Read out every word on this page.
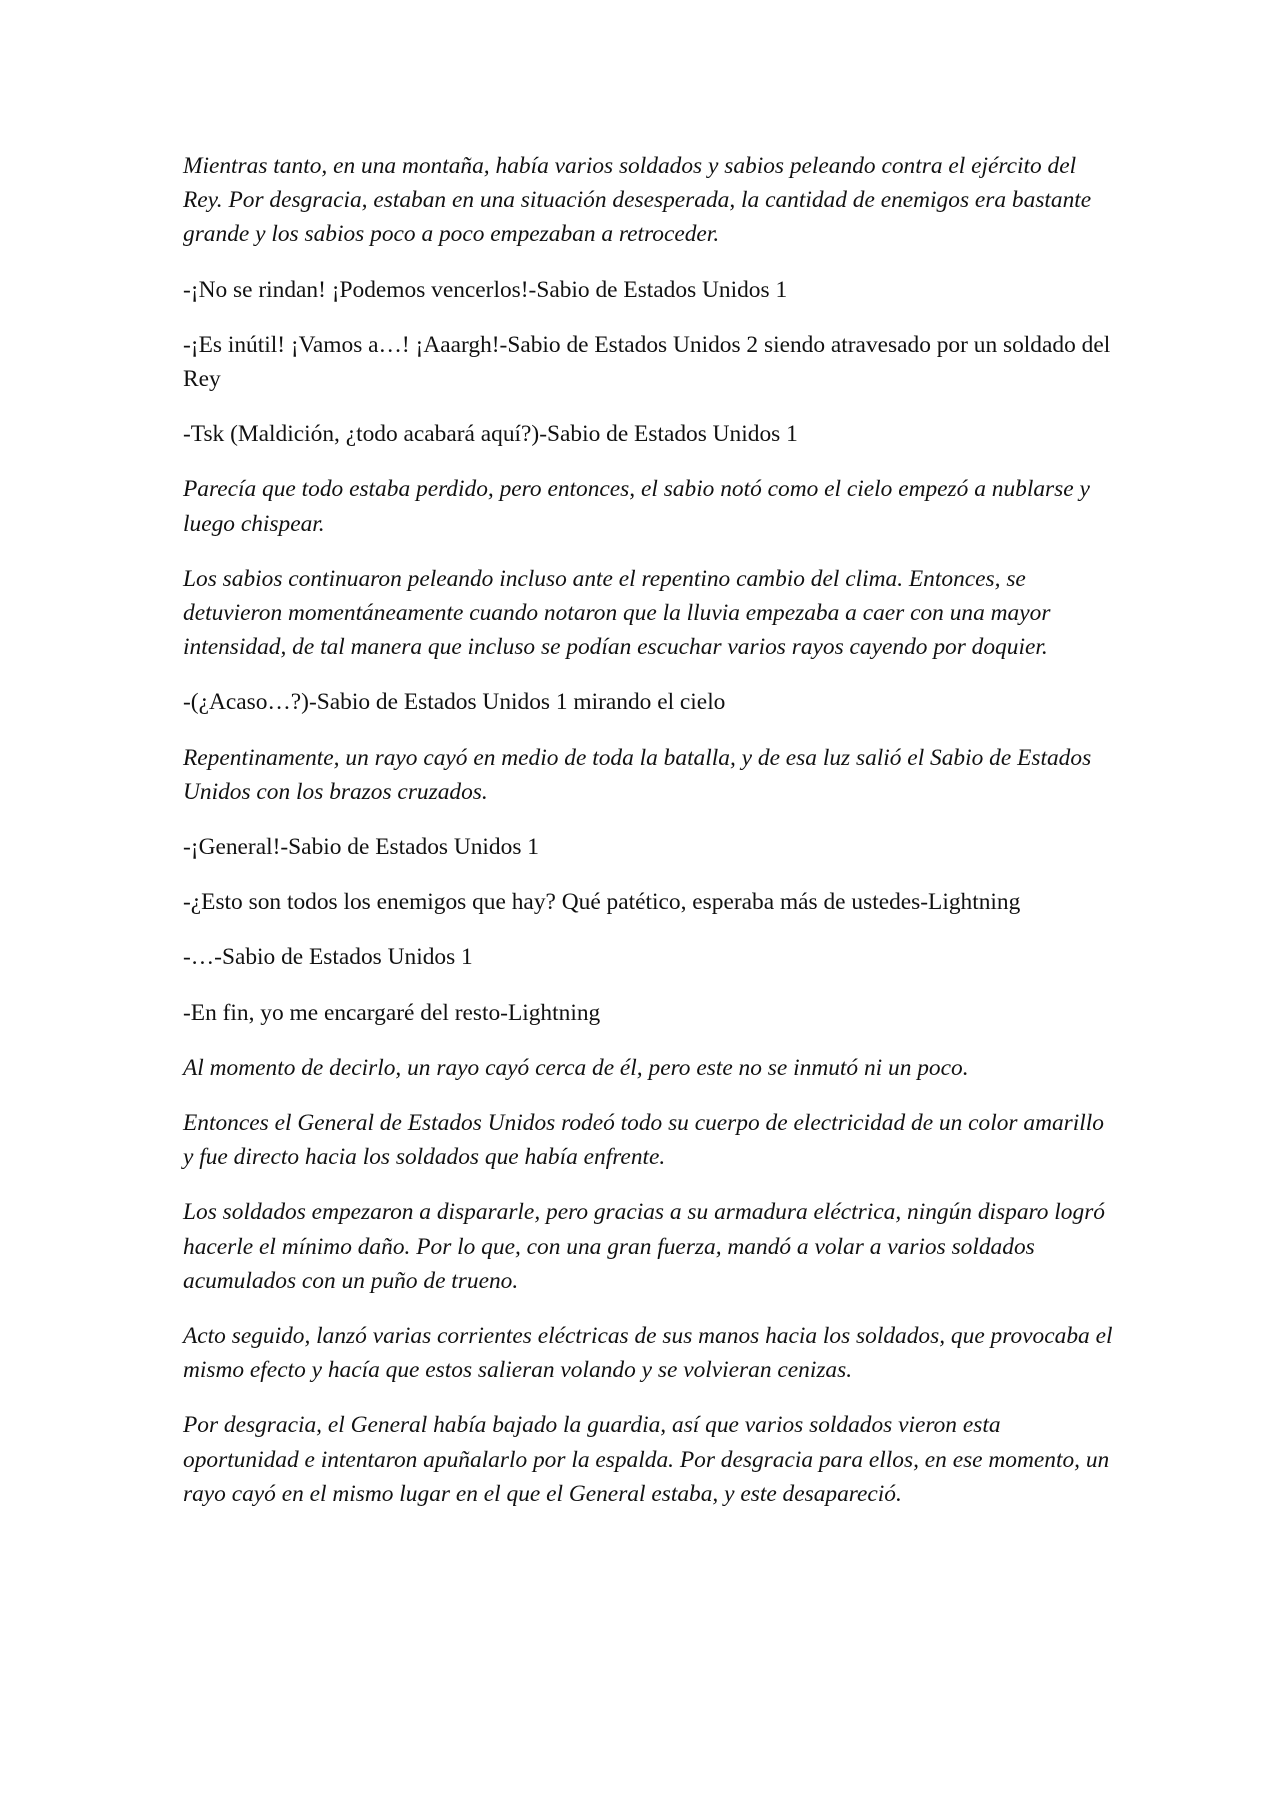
Mientras tanto, en una montaña, había varios soldados y sabios peleando contra el ejército del Rey. Por desgracia, estaban en una situación desesperada, la cantidad de enemigos era bastante grande y los sabios poco a poco empezaban a retroceder.

-¡No se rindan! ¡Podemos vencerlos!-Sabio de Estados Unidos 1

-¡Es inútil! ¡Vamos a…! ¡Aaargh!-Sabio de Estados Unidos 2 siendo atravesado por un soldado del Rey

-Tsk (Maldición, ¿todo acabará aquí?)-Sabio de Estados Unidos 1

Parecía que todo estaba perdido, pero entonces, el sabio notó como el cielo empezó a nublarse y luego chispear.

Los sabios continuaron peleando incluso ante el repentino cambio del clima. Entonces, se detuvieron momentáneamente cuando notaron que la lluvia empezaba a caer con una mayor intensidad, de tal manera que incluso se podían escuchar varios rayos cayendo por doquier.

-(¿Acaso…?)-Sabio de Estados Unidos 1 mirando el cielo

Repentinamente, un rayo cayó en medio de toda la batalla, y de esa luz salió el Sabio de Estados Unidos con los brazos cruzados.

-¡General!-Sabio de Estados Unidos 1

-¿Esto son todos los enemigos que hay? Qué patético, esperaba más de ustedes-Lightning

-…-Sabio de Estados Unidos 1

-En fin, yo me encargaré del resto-Lightning

Al momento de decirlo, un rayo cayó cerca de él, pero este no se inmutó ni un poco.

Entonces el General de Estados Unidos rodeó todo su cuerpo de electricidad de un color amarillo y fue directo hacia los soldados que había enfrente.

Los soldados empezaron a dispararle, pero gracias a su armadura eléctrica, ningún disparo logró hacerle el mínimo daño. Por lo que, con una gran fuerza, mandó a volar a varios soldados acumulados con un puño de trueno.

Acto seguido, lanzó varias corrientes eléctricas de sus manos hacia los soldados, que provocaba el mismo efecto y hacía que estos salieran volando y se volvieran cenizas.

Por desgracia, el General había bajado la guardia, así que varios soldados vieron esta oportunidad e intentaron apuñalarlo por la espalda. Por desgracia para ellos, en ese momento, un rayo cayó en el mismo lugar en el que el General estaba, y este desapareció.
